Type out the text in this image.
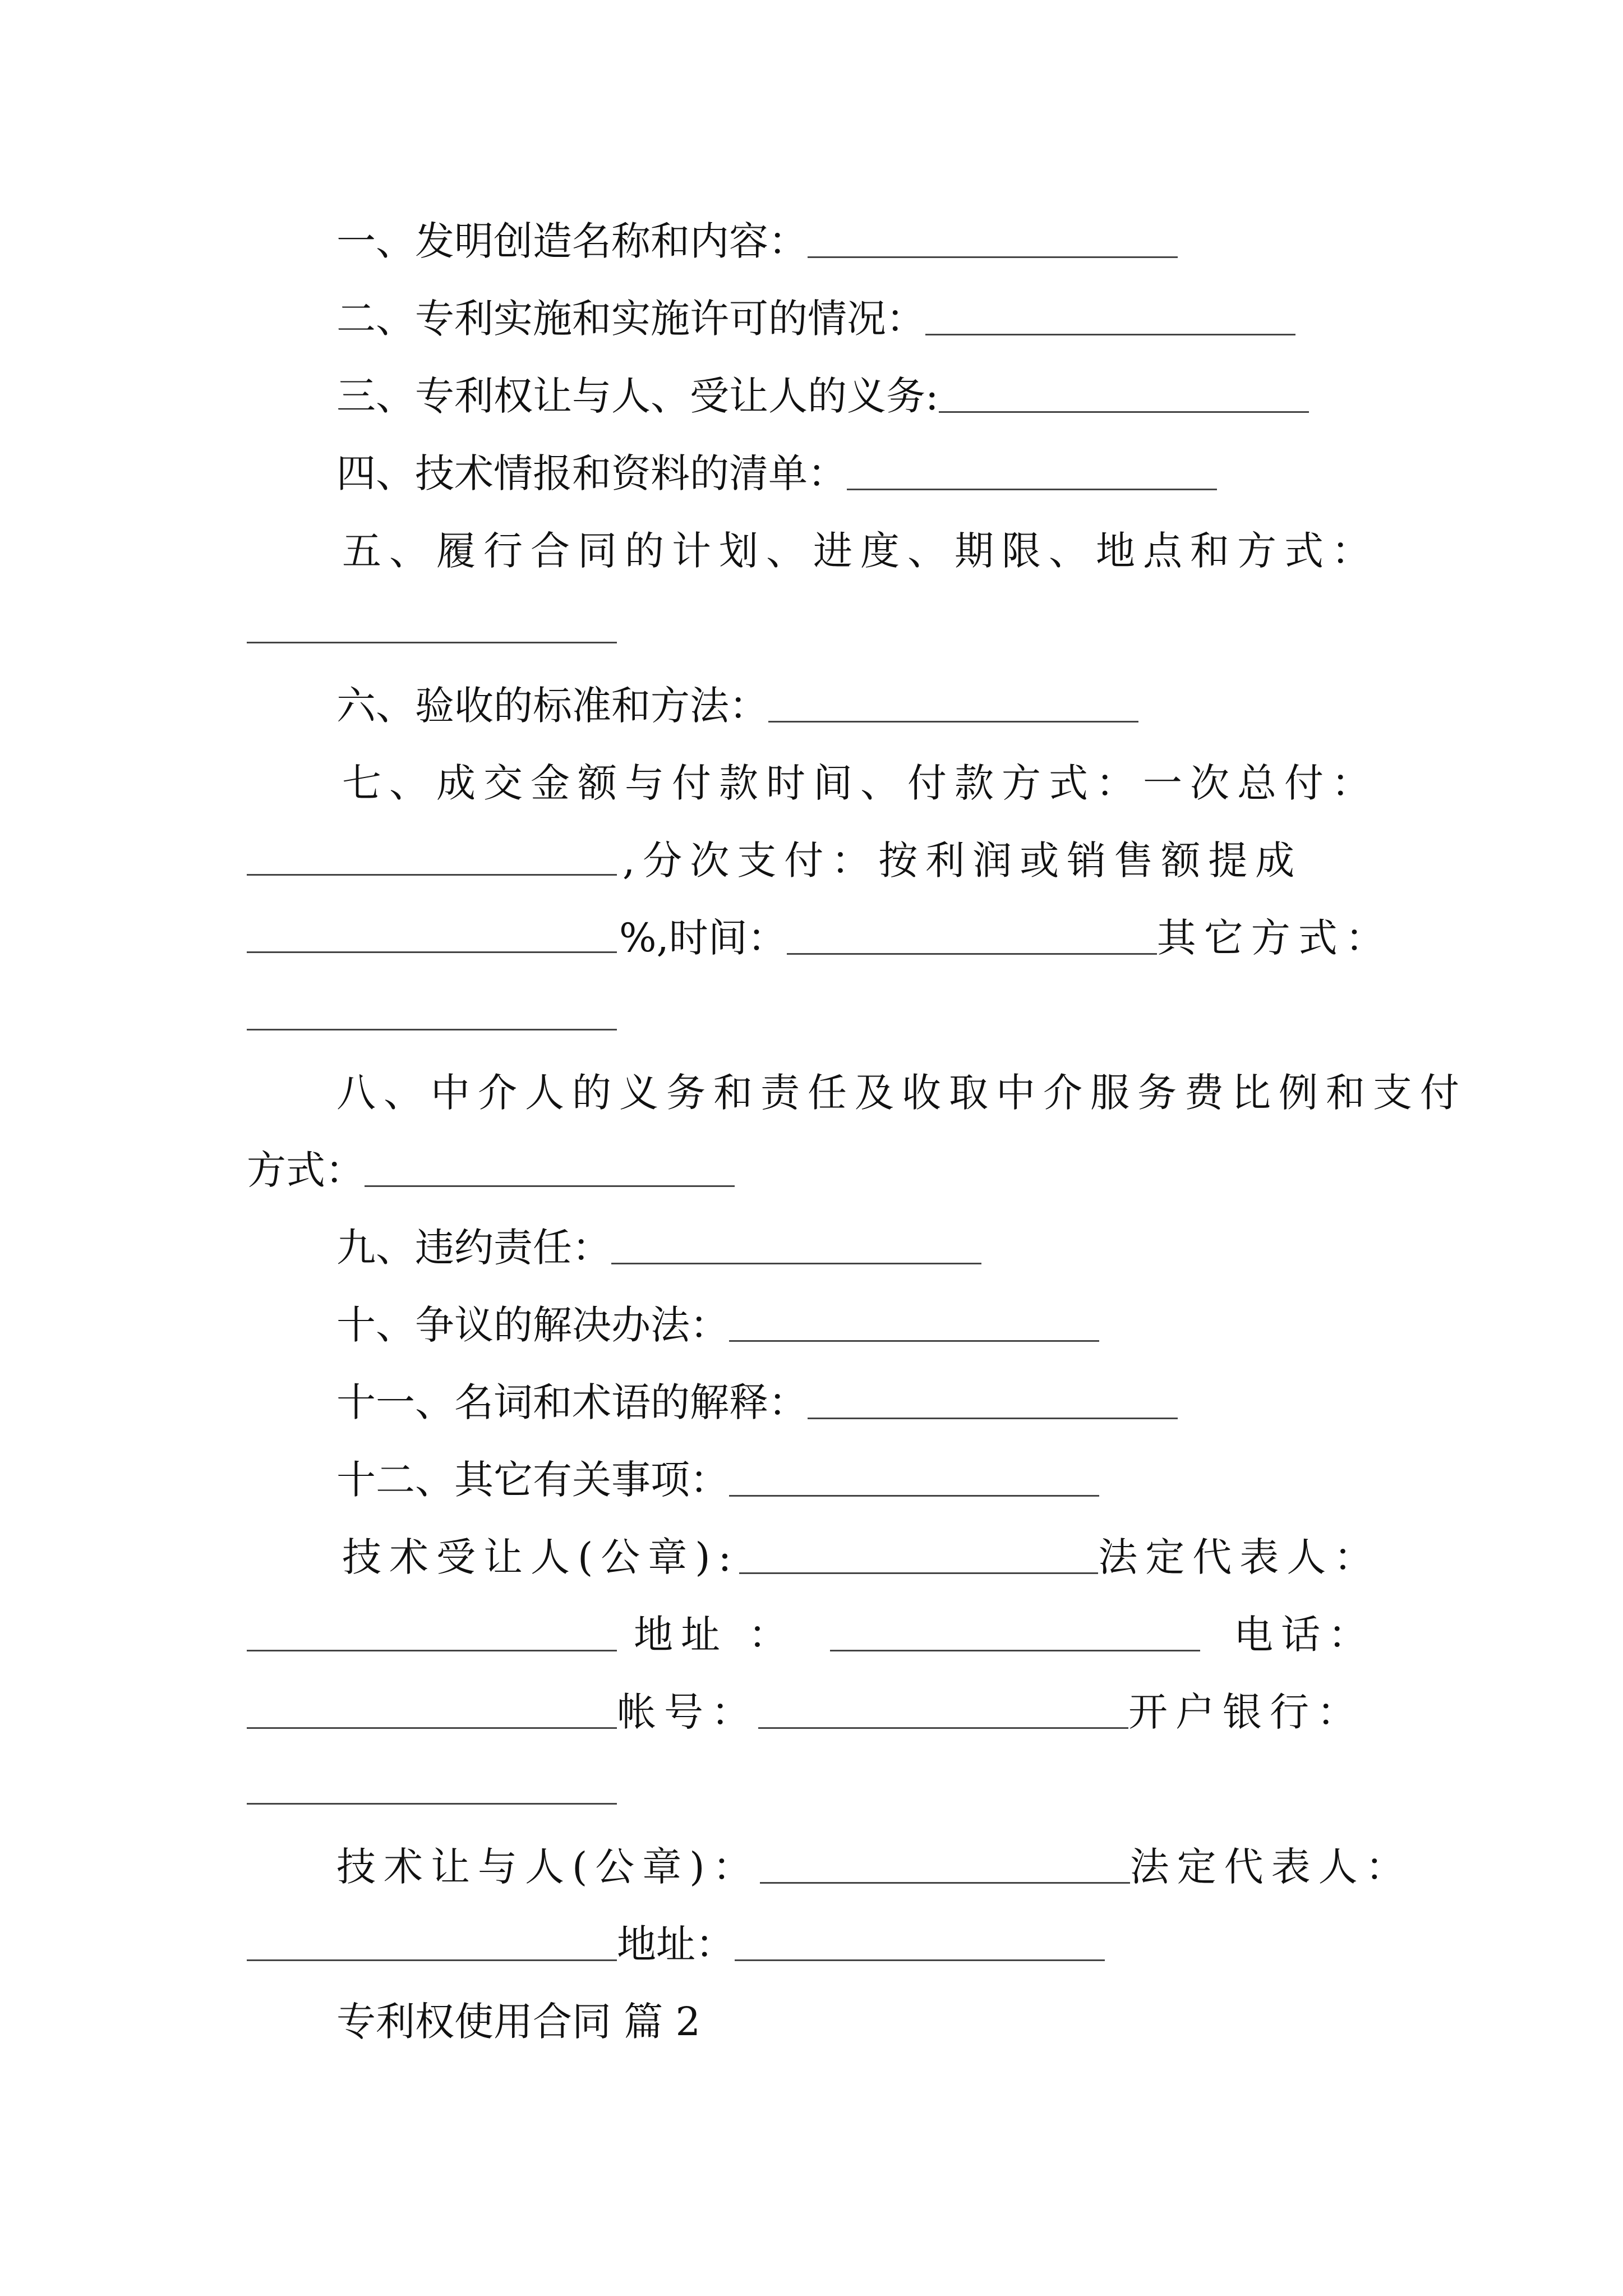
一、发明创造名称和内容：
二、专利实施和实施许可的情况：
三、专利权让与人、受让人的义务:
四、技术情报和资料的清单：
五、履行合同的计划、进度、期限、地点和方式：
六、验收的标准和方法：
七、成交金额与付款时间、付款方式：一次总付：
,分次支付：按利润或销售额提成
%,时间：	其它方式：
八、中介人的义务和责任及收取中介服务费比例和支付
方式：
九、违约责任：
十、争议的解决办法：
十一、名词和术语的解释：
十二、其它有关事项：
技术受让人(公章):	法定代表人：
地址 ：	电话：
帐号：	开户银行：
技术让与人(公章)：	法定代表人：
地址：
专利权使用合同 篇 2
